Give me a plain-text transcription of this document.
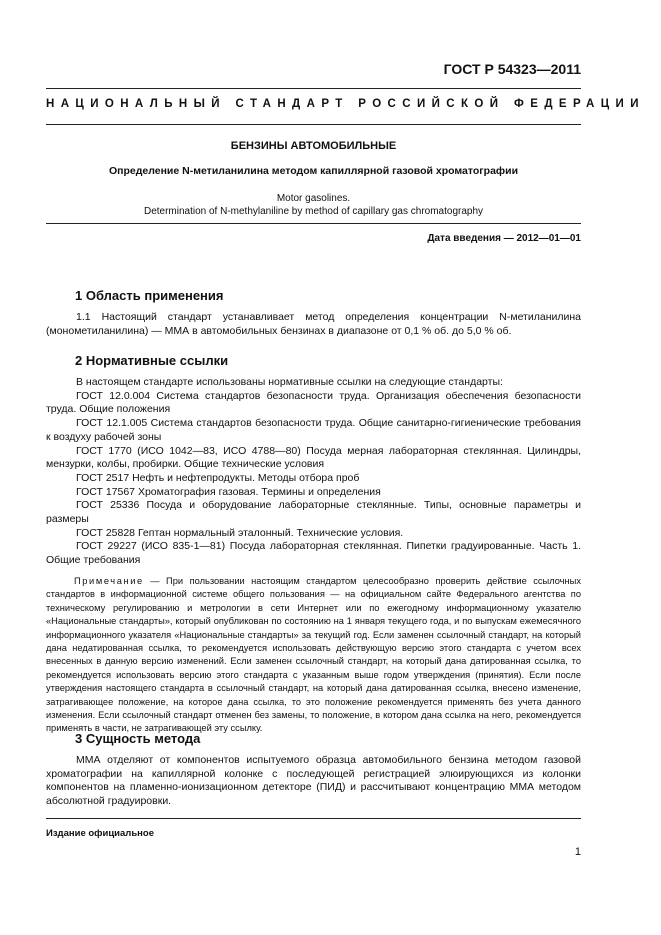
ГОСТ Р 54323—2011
НАЦИОНАЛЬНЫЙ СТАНДАРТ РОССИЙСКОЙ ФЕДЕРАЦИИ
БЕНЗИНЫ АВТОМОБИЛЬНЫЕ
Определение N-метиланилина методом капиллярной газовой хроматографии
Motor gasolines.
Determination of N-methylaniline by method of capillary gas chromatography
Дата введения — 2012—01—01
1 Область применения

1.1 Настоящий стандарт устанавливает метод определения концентрации N-метиланилина (монометиланилина) — ММА в автомобильных бензинах в диапазоне от 0,1 % об. до 5,0 % об.

2 Нормативные ссылки

В настоящем стандарте использованы нормативные ссылки на следующие стандарты:

ГОСТ 12.0.004 Система стандартов безопасности труда. Организация обеспечения безопасности труда. Общие положения

ГОСТ 12.1.005 Система стандартов безопасности труда. Общие санитарно-гигиенические требования к воздуху рабочей зоны

ГОСТ 1770 (ИСО 1042—83, ИСО 4788—80) Посуда мерная лабораторная стеклянная. Цилиндры, мензурки, колбы, пробирки. Общие технические условия

ГОСТ 2517 Нефть и нефтепродукты. Методы отбора проб

ГОСТ 17567 Хроматография газовая. Термины и определения

ГОСТ 25336 Посуда и оборудование лабораторные стеклянные. Типы, основные параметры и размеры

ГОСТ 25828 Гептан нормальный эталонный. Технические условия.

ГОСТ 29227 (ИСО 835-1—81) Посуда лабораторная стеклянная. Пипетки градуированные. Часть 1. Общие требования

Примечание — При пользовании настоящим стандартом целесообразно проверить действие ссылочных стандартов в информационной системе общего пользования — на официальном сайте Федерального агентства по техническому регулированию и метрологии в сети Интернет или по ежегодному информационному указателю «Национальные стандарты», который опубликован по состоянию на 1 января текущего года, и по выпускам ежемесячного информационного указателя «Национальные стандарты» за текущий год. Если заменен ссылочный стандарт, на который дана недатированная ссылка, то рекомендуется использовать действующую версию этого стандарта с учетом всех внесенных в данную версию изменений. Если заменен ссылочный стандарт, на который дана датированная ссылка, то рекомендуется использовать версию этого стандарта с указанным выше годом утверждения (принятия). Если после утверждения настоящего стандарта в ссылочный стандарт, на который дана датированная ссылка, внесено изменение, затрагивающее положение, на которое дана ссылка, то это положение рекомендуется применять без учета данного изменения. Если ссылочный стандарт отменен без замены, то положение, в котором дана ссылка на него, рекомендуется применять в части, не затрагивающей эту ссылку.

3 Сущность метода

ММА отделяют от компонентов испытуемого образца автомобильного бензина методом газовой хроматографии на капиллярной колонке с последующей регистрацией элюирующихся из колонки компонентов на пламенно-ионизационном детекторе (ПИД) и рассчитывают концентрацию ММА методом абсолютной градуировки.

Издание официальное
1
